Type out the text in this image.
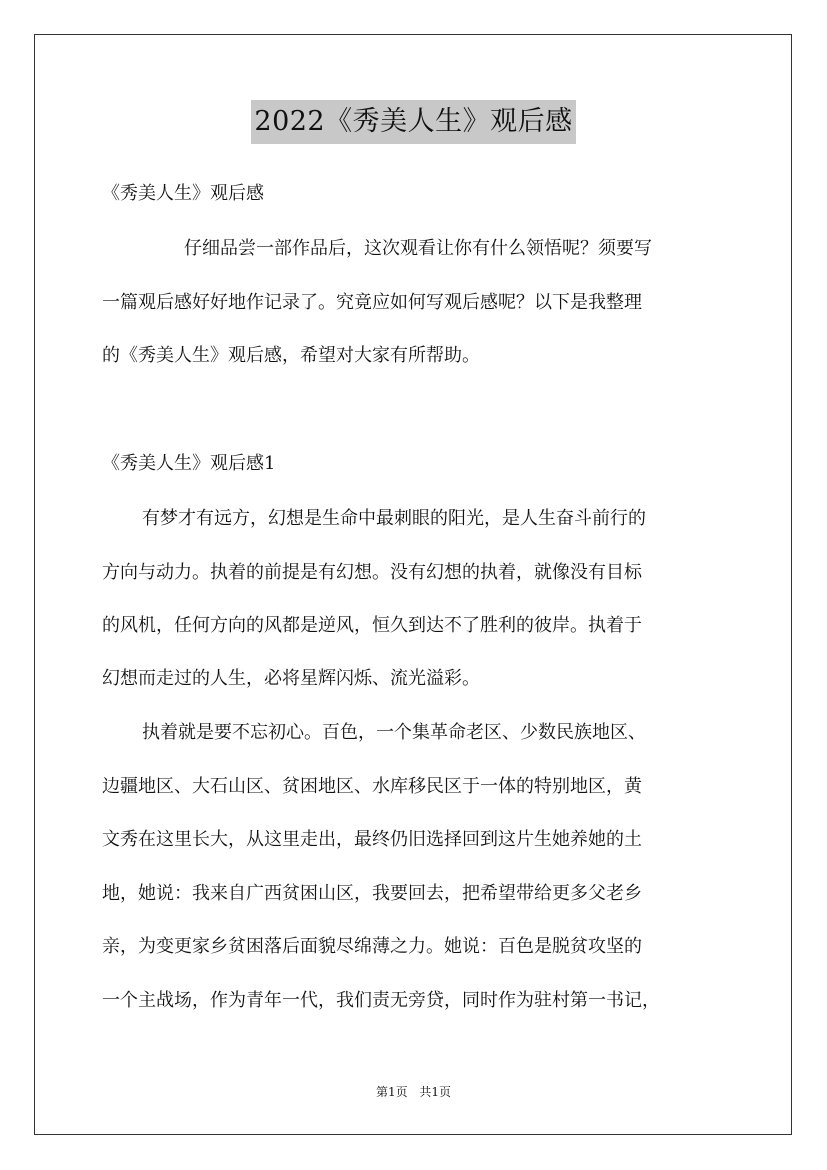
2022《秀美人生》观后感
《秀美人生》观后感
仔细品尝一部作品后，这次观看让你有什么领悟呢？须要写
一篇观后感好好地作记录了。究竟应如何写观后感呢？以下是我整理
的《秀美人生》观后感，希望对大家有所帮助。
《秀美人生》观后感1
有梦才有远方，幻想是生命中最刺眼的阳光，是人生奋斗前行的
方向与动力。执着的前提是有幻想。没有幻想的执着，就像没有目标
的风机，任何方向的风都是逆风，恒久到达不了胜利的彼岸。执着于
幻想而走过的人生，必将星辉闪烁、流光溢彩。
执着就是要不忘初心。百色，一个集革命老区、少数民族地区、
边疆地区、大石山区、贫困地区、水库移民区于一体的特别地区，黄
文秀在这里长大，从这里走出，最终仍旧选择回到这片生她养她的土
地，她说：我来自广西贫困山区，我要回去，把希望带给更多父老乡
亲，为变更家乡贫困落后面貌尽绵薄之力。她说：百色是脱贫攻坚的
一个主战场，作为青年一代，我们责无旁贷，同时作为驻村第一书记，
第1页 共1页
